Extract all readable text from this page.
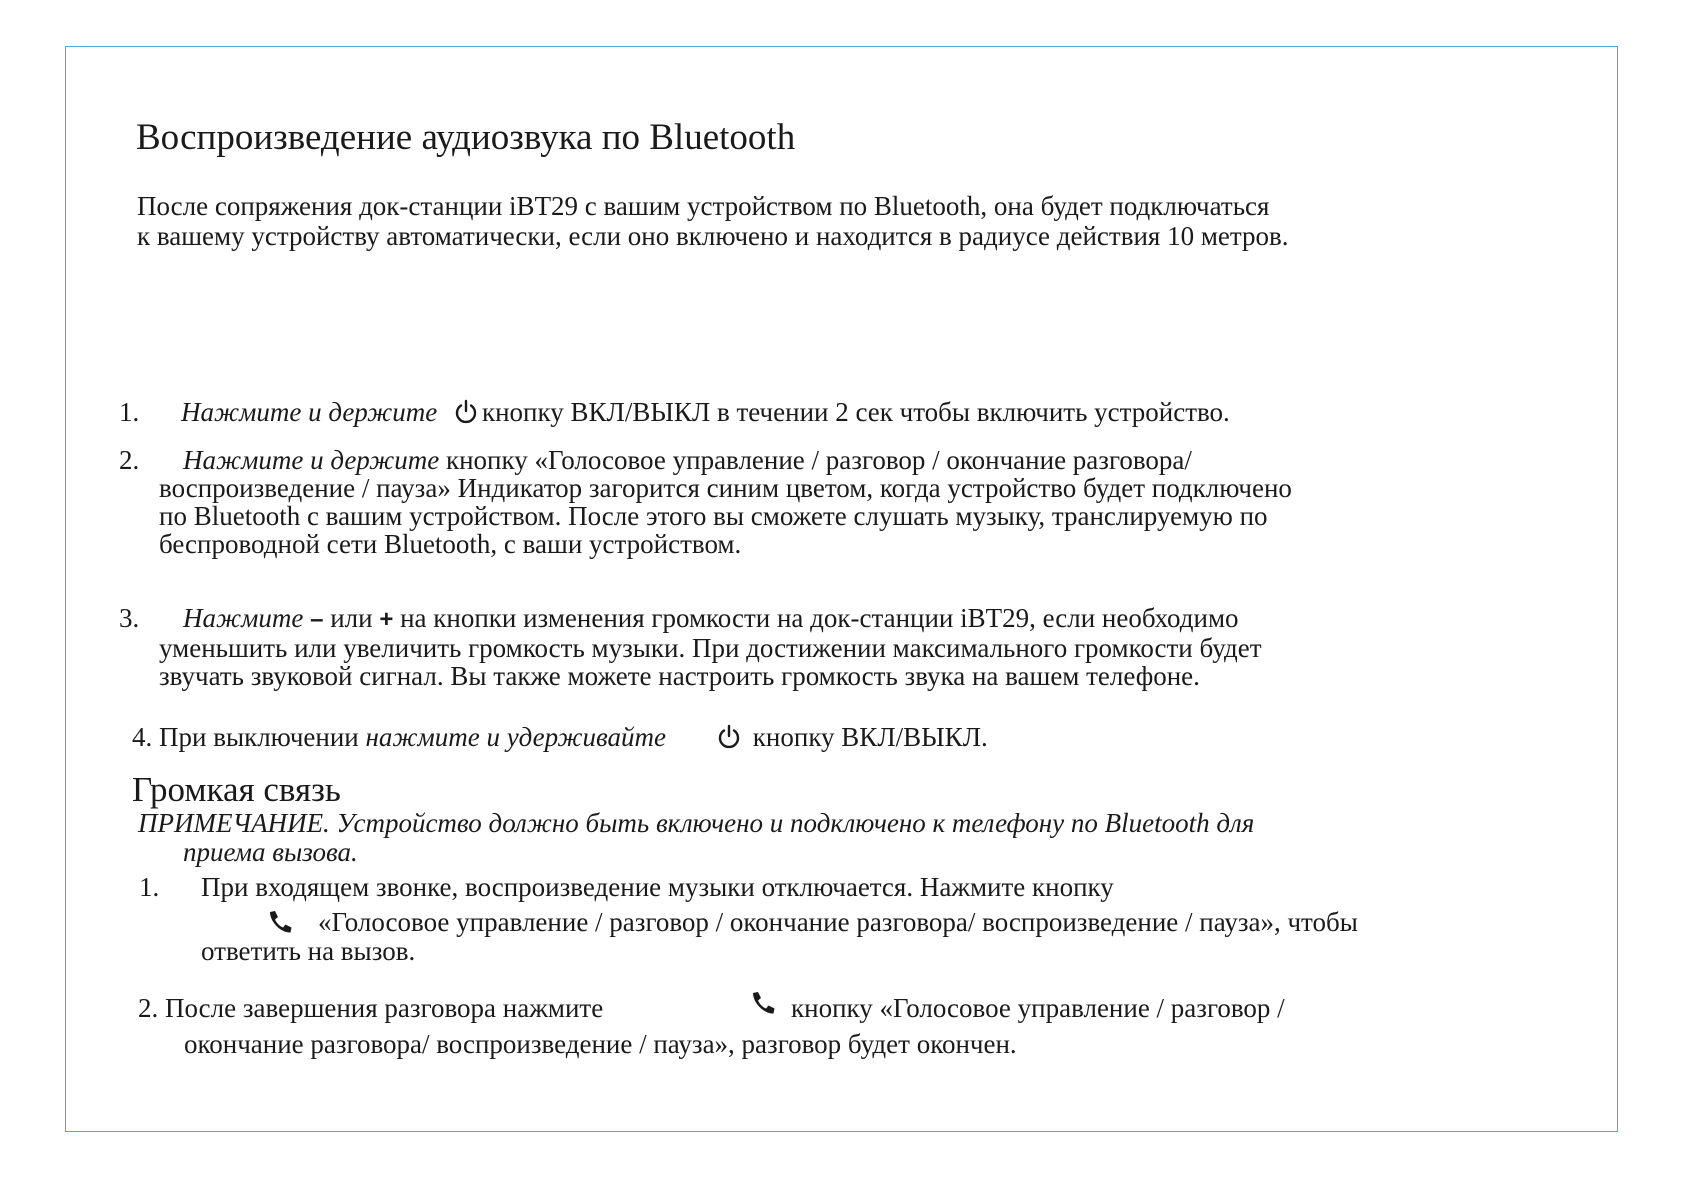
Воспроизведение аудиозвука по Bluetooth
После сопряжения док-станции iBT29 с вашим устройством по Bluetooth, она будет подключаться
к вашему устройству автоматически, если оно включено и находится в радиусе действия 10 метров.
1. Нажмите и держите кнопку ВКЛ/ВЫКЛ в течении 2 сек чтобы включить устройство.
2. Нажмите и держите кнопку «Голосовое управление / разговор / окончание разговора/
воспроизведение / пауза» Индикатор загорится синим цветом, когда устройство будет подключено
по Bluetooth с вашим устройством. После этого вы сможете слушать музыку, транслируемую по
беспроводной сети Bluetooth, с ваши устройством.
3. Нажмите – или + на кнопки изменения громкости на док-станции iBT29, если необходимо
уменьшить или увеличить громкость музыки. При достижении максимального громкости будет
звучать звуковой сигнал. Вы также можете настроить громкость звука на вашем телефоне.
4. При выключении нажмите и удерживайте	кнопку ВКЛ/ВЫКЛ.
Громкая связь
ПРИМЕЧАНИЕ. Устройство должно быть включено и подключено к телефону по Bluetooth для
приема вызова.
1. При входящем звонке, воспроизведение музыки отключается. Нажмите кнопку
«Голосовое управление / разговор / окончание разговора/ воспроизведение / пауза», чтобы
ответить на вызов.
2. После завершения разговора нажмите	кнопку «Голосовое управление / разговор /
окончание разговора/ воспроизведение / пауза», разговор будет окончен.
